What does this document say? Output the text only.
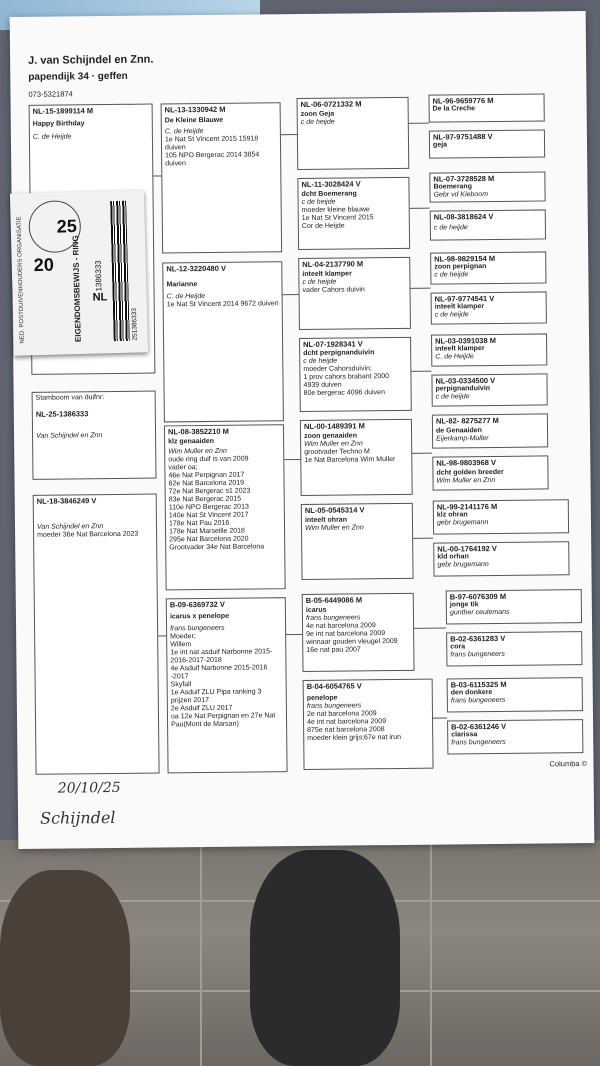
J. van Schijndel en Znn.
papendijk 34 · geffen
073-5321874
NL-15-1899114 M
Happy Birthday
C. de Heijde
Stamboom van duifnr:
NL-25-1386333
Van Schijndel en Znn
NL-18-3846249 V
Van Schijndel en Znn
moeder 36e Nat Barcelona 2023
NL-13-1330942 M
De Kleine Blauwe
C. de Heijde
1e Nat St Vincent 2015 15918 duiven
105 NPO Bergerac 2014 3854 duiven
NL-12-3220480 V
Marianne
C. de Heijde
1e Nat St Vincent 2014 9672 duiven
NL-08-3852210 M
klz genaaiden
Wim Muller en Znn
oude ring duif is van 2009
vader oa;
46e Nat Perpignan 2017
62e Nat Barcelona 2019
72e Nat Bergerac s1 2023
83e Nat Bergerac 2015
110e NPO Bergerac 2013
140e Nat St Vincent 2017
178e Nat Pau 2016
178e Nat Marseille 2018
295e Nat Barcelona 2020
Grootvader 34e Nat Barcelona
B-09-6369732 V
icarus x penelope
frans bungeneers
Moeder;
Willem
1e int nat asduif Narbonne 2015-2016-2017-2018
4e Asduif Narbonne 2015-2016 -2017
Skyfall
1e Asduif ZLU Pipa ranking 3 prijzen 2017
2e Asduif ZLU 2017
oa 12e Nat Perpignan en 27e Nat Pau(Mont de Marsan)
NL-06-0721332 M
zoon Geja
c de heijde
NL-11-3028424 V
dcht Boemerang
c de heijde
moeder kleine blauwe
1e Nat St Vincent 2015
Cor de Heijde
NL-04-2137790 M
inteelt klamper
c de heijde
vader Cahors duivin
NL-07-1928341 V
dcht perpignanduivin
c de heijde
moeder Cahorsduivin;
1 prov cahors brabant 2000
4939 duiven
80e bergerac 4096 duiven
NL-00-1489391 M
zoon genaaiden
Wim Muller en Znn
grootvader Techno M
1e Nat Barcelona Wim Muller
NL-05-0545314 V
inteelt ohran
Wim Muller en Znn
B-05-6449086 M
icarus
frans bungeneers
4e nat barcelona 2009
9e int nat barcelona 2009
winnaar gouden vleugel 2009
16e nat pau 2007
B-04-6054765 V
penelope
frans bungeneers
2e nat barcelona 2009
4e int nat barcelona 2009
875e nat barcelona 2008
moeder klein grijs;67e nat irun
NL-96-9659776 M
De la Creche
NL-97-9751488 V
geja
NL-07-3728528 M
Boemerang
Gebr vd Kieboom
NL-08-3818624 V
c de heijde
NL-98-9829154 M
zoon perpignan
c de heijde
NL-97-9774541 V
inteelt klamper
c de heijde
NL-03-0391038 M
inteelt klamper
C. de Heijde
NL-03-0334500 V
perpignanduivin
c de heijde
NL-82- 8275277 M
de Genaaiden
Eijerkamp-Muller
NL-98-9803968 V
dcht golden breeder
Wim Muller en Znn
NL-99-2141176 M
klz ohran
gebr brugemann
NL-00-1764192 V
kld orhan
gebr brugemann
B-97-6076309 M
jonge tik
gunther ceulemans
B-02-6361283 V
cora
frans bungeneers
B-03-6115325 M
den donkere
frans bungeneers
B-02-6361246 V
clarissa
frans bungeneers
Columba ©
20/10/25
Schijndel
NED. POSTDUIVENHOUDERS ORGANISATIE 20
25
EIGENDOMSBEWIJS - RING NL
1386333
251386333
